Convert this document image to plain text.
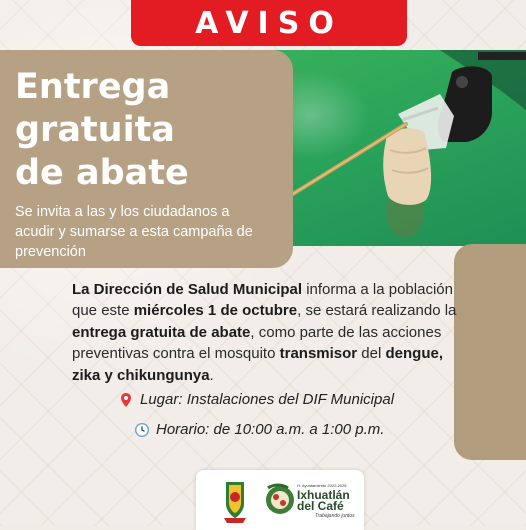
AVISO
Entrega
gratuita
de abate

Se invita a las y los ciudadanos a acudir y sumarse a esta campaña de prevención

La Dirección de Salud Municipal informa a la población que este miércoles 1 de octubre, se estará realizando la entrega gratuita de abate, como parte de las acciones preventivas contra el mosquito transmisor del dengue, zika y chikungunya.

Lugar: Instalaciones del DIF Municipal
Horario: de 10:00 a.m. a 1:00 p.m.
H. Ayuntamiento 2022-2025
Ixhuatlán
del Café
Trabajando juntos
